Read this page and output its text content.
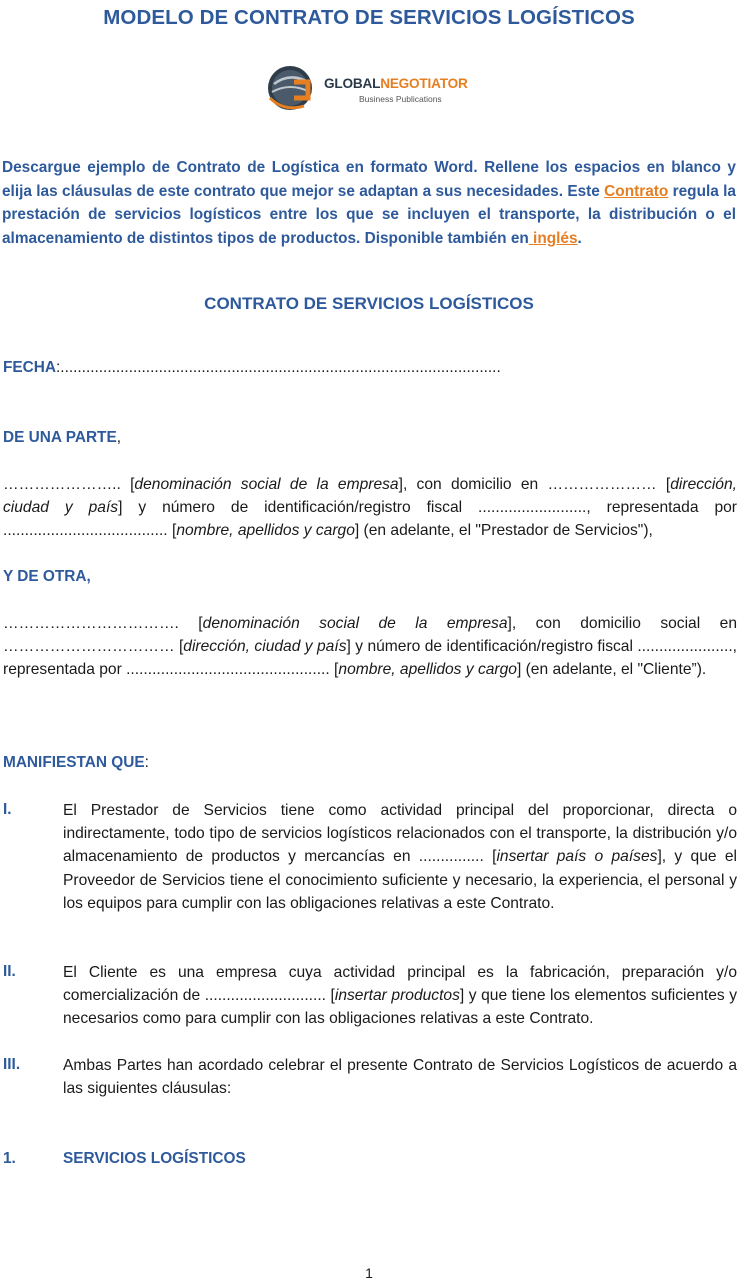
MODELO DE CONTRATO DE SERVICIOS LOGÍSTICOS
GLOBALNEGOTIATOR
Business Publications
Descargue ejemplo de Contrato de Logística en formato Word. Rellene los espacios en blanco y elija las cláusulas de este contrato que mejor se adaptan a sus necesidades. Este Contrato regula la prestación de servicios logísticos entre los que se incluyen el transporte, la distribución o el almacenamiento de distintos tipos de productos. Disponible también en inglés.
CONTRATO DE SERVICIOS LOGÍSTICOS
FECHA:.......................................................................................................
DE UNA PARTE,
………………….. [denominación social de la empresa], con domicilio en ………………… [dirección, ciudad y país] y número de identificación/registro fiscal ........................., representada por ...................................... [nombre, apellidos y cargo] (en adelante, el "Prestador de Servicios"),
Y DE OTRA,
……………………………. [denominación social de la empresa], con domicilio social en …………………………… [dirección, ciudad y país] y número de identificación/registro fiscal ......................, representada por ............................................... [nombre, apellidos y cargo] (en adelante, el "Cliente”).
MANIFIESTAN QUE:
I.	El Prestador de Servicios tiene como actividad principal del proporcionar, directa o indirectamente, todo tipo de servicios logísticos relacionados con el transporte, la distribución y/o almacenamiento de productos y mercancías en ............... [insertar país o países], y que el Proveedor de Servicios tiene el conocimiento suficiente y necesario, la experiencia, el personal y los equipos para cumplir con las obligaciones relativas a este Contrato.
II.	El Cliente es una empresa cuya actividad principal es la fabricación, preparación y/o comercialización de ............................ [insertar productos] y que tiene los elementos suficientes y necesarios como para cumplir con las obligaciones relativas a este Contrato.
III.	Ambas Partes han acordado celebrar el presente Contrato de Servicios Logísticos de acuerdo a las siguientes cláusulas:
1.	SERVICIOS LOGÍSTICOS
1
